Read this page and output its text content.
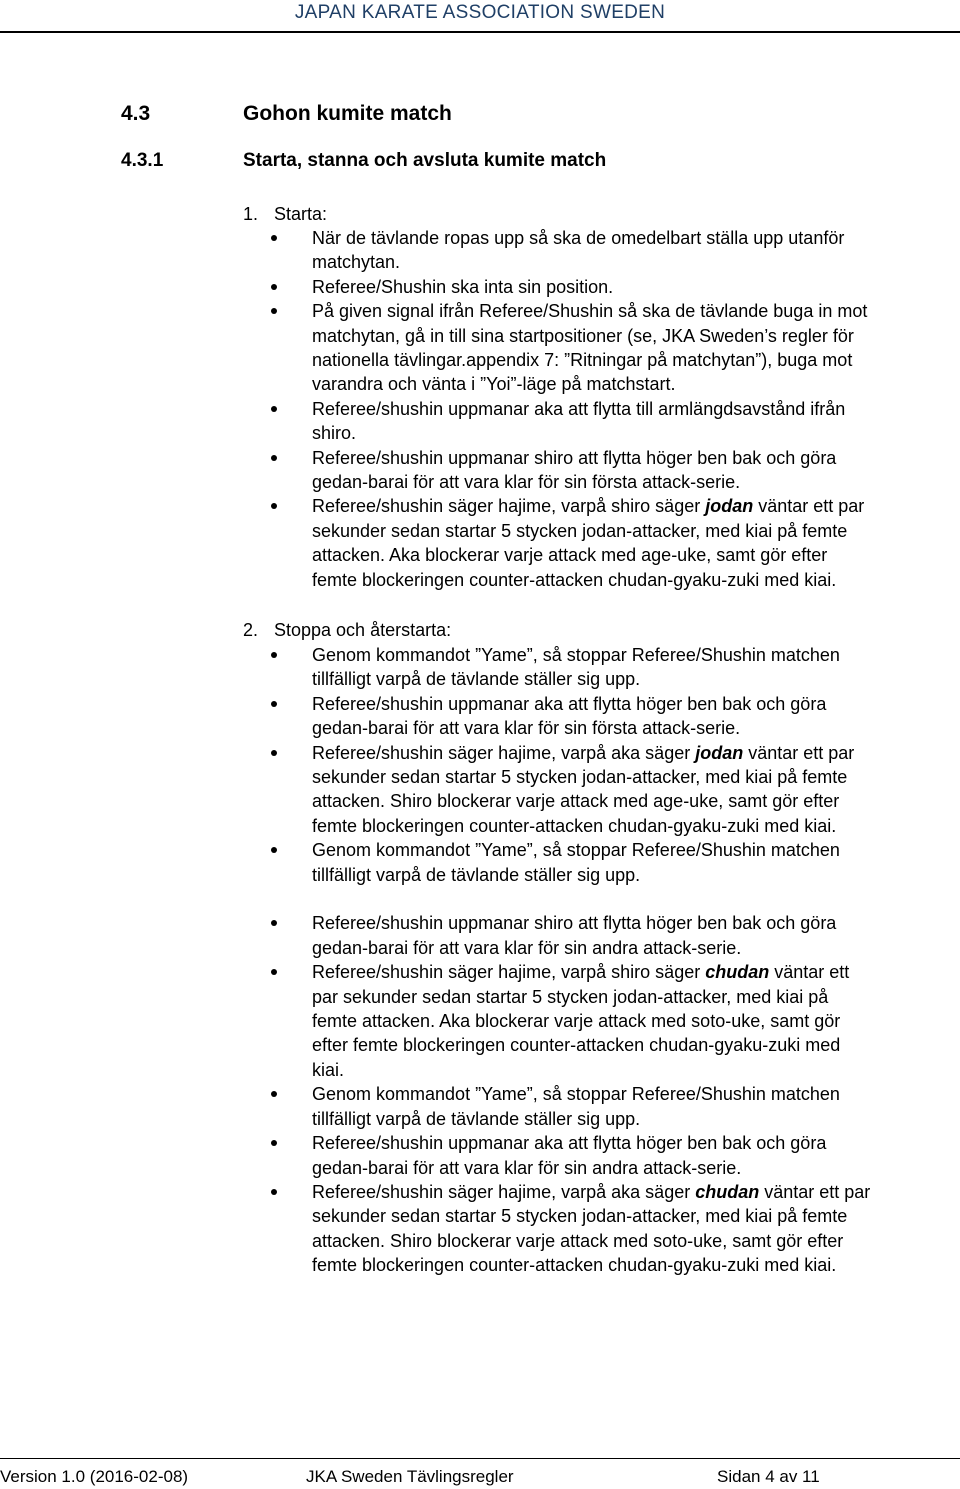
JAPAN KARATE ASSOCIATION SWEDEN
4.3	Gohon kumite match
4.3.1	Starta, stanna och avsluta kumite match
1. Starta:
När de tävlande ropas upp så ska de omedelbart ställa upp utanför
matchytan.
Referee/Shushin ska inta sin position.
På given signal ifrån Referee/Shushin så ska de tävlande buga in mot
matchytan, gå in till sina startpositioner (se, JKA Sweden’s regler för
nationella tävlingar.appendix 7: ”Ritningar på matchytan”), buga mot
varandra och vänta i ”Yoi”-läge på matchstart.
Referee/shushin uppmanar aka att flytta till armlängdsavstånd ifrån
shiro.
Referee/shushin uppmanar shiro att flytta höger ben bak och göra
gedan-barai för att vara klar för sin första attack-serie.
Referee/shushin säger hajime, varpå shiro säger jodan väntar ett par
sekunder sedan startar 5 stycken jodan-attacker, med kiai på femte
attacken. Aka blockerar varje attack med age-uke, samt gör efter
femte blockeringen counter-attacken chudan-gyaku-zuki med kiai.
2. Stoppa och återstarta:
Genom kommandot ”Yame”, så stoppar Referee/Shushin matchen
tillfälligt varpå de tävlande ställer sig upp.
Referee/shushin uppmanar aka att flytta höger ben bak och göra
gedan-barai för att vara klar för sin första attack-serie.
Referee/shushin säger hajime, varpå aka säger jodan väntar ett par
sekunder sedan startar 5 stycken jodan-attacker, med kiai på femte
attacken. Shiro blockerar varje attack med age-uke, samt gör efter
femte blockeringen counter-attacken chudan-gyaku-zuki med kiai.
Genom kommandot ”Yame”, så stoppar Referee/Shushin matchen
tillfälligt varpå de tävlande ställer sig upp.
Referee/shushin uppmanar shiro att flytta höger ben bak och göra
gedan-barai för att vara klar för sin andra attack-serie.
Referee/shushin säger hajime, varpå shiro säger chudan väntar ett
par sekunder sedan startar 5 stycken jodan-attacker, med kiai på
femte attacken. Aka blockerar varje attack med soto-uke, samt gör
efter femte blockeringen counter-attacken chudan-gyaku-zuki med
kiai.
Genom kommandot ”Yame”, så stoppar Referee/Shushin matchen
tillfälligt varpå de tävlande ställer sig upp.
Referee/shushin uppmanar aka att flytta höger ben bak och göra
gedan-barai för att vara klar för sin andra attack-serie.
Referee/shushin säger hajime, varpå aka säger chudan väntar ett par
sekunder sedan startar 5 stycken jodan-attacker, med kiai på femte
attacken. Shiro blockerar varje attack med soto-uke, samt gör efter
femte blockeringen counter-attacken chudan-gyaku-zuki med kiai.
Version 1.0 (2016-02-08)	JKA Sweden Tävlingsregler	Sidan 4 av 11
